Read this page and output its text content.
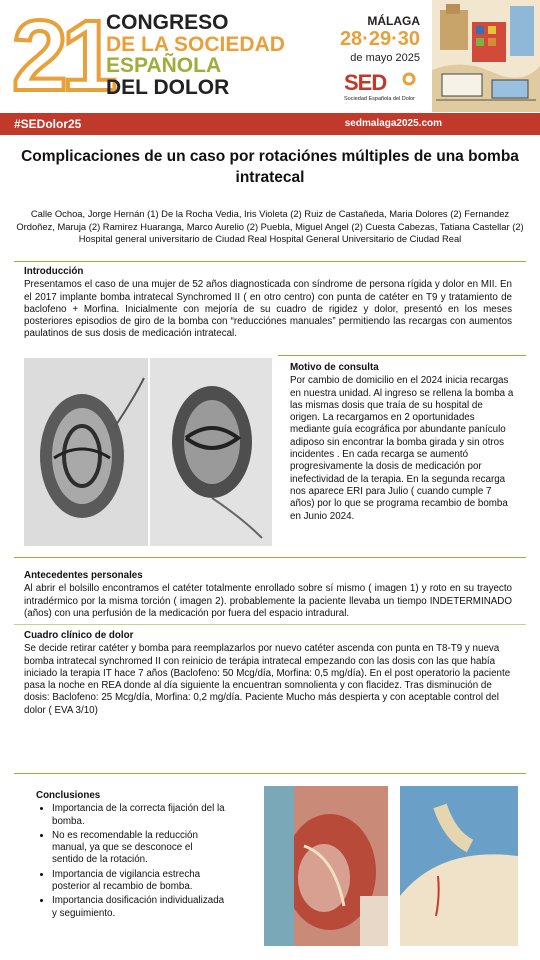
21
CONGRESO
DE LA SOCIEDAD
ESPAÑOLA
DEL DOLOR
MÁLAGA
28·29·30
de mayo 2025
SED
Sociedad Española del Dolor
#SEDolor25	sedmalaga2025.com
Complicaciones de un caso por rotaciónes múltiples de una bomba intratecal
Calle Ochoa, Jorge Hernán (1) De la Rocha Vedia, Iris Violeta (2) Ruiz de Castañeda, Maria Dolores (2) Fernandez Ordoñez, Maruja (2) Ramirez Huaranga, Marco Aurelio (2) Puebla, Miguel Angel (2) Cuesta Cabezas, Tatiana Castellar (2) Hospital general universitario de Ciudad Real Hospital General Universitario de Ciudad Real
Introducción

Presentamos el caso de una mujer de 52 años diagnosticada con síndrome de persona rígida y dolor en MII. En el 2017 implante bomba intratecal Synchromed II ( en otro centro) con punta de catéter en T9 y tratamiento de baclofeno + Morfina. Inicialmente con mejoría de su cuadro de rigidez y dolor, presentó en los meses posteriores episodios de giro de la bomba con “reducciónes manuales” permitiendo las recargas con aumentos paulatinos de sus dosis de medicación intratecal.

Motivo de consulta

Por cambio de domicilio en el 2024 inicia recargas en nuestra unidad. Al ingreso se rellena la bomba a las mismas dosis que traía de su hospital de origen. La recargamos en 2 oportunidades mediante guía ecográfica por abundante panículo adiposo sin encontrar la bomba girada y sin otros incidentes . En cada recarga se aumentó progresivamente la dosis de medicación por inefectividad de la terapia. En la segunda recarga nos aparece ERI para Julio ( cuando cumple 7 años) por lo que se programa recambio de bomba en Junio 2024.

Antecedentes personales

Al abrir el bolsillo encontramos el catéter totalmente enrollado sobre sí mismo ( imagen 1) y roto en su trayecto intradérmico por la misma torción ( imagen 2). probablemente la paciente llevaba un tiempo INDETERMINADO (años) con una perfusión de la medicación por fuera del espacio intradural.

Cuadro clínico de dolor

Se decide retirar catéter y bomba para reemplazarlos por nuevo catéter ascenda con punta en T8-T9 y nueva bomba intratecal synchromed II con reinicio de terápia intratecal empezando con las dosis con las que había iniciado la terapia IT hace 7 años (Baclofeno: 50 Mcg/día, Morfina: 0,5 mg/día). En el post operatorio la paciente pasa la noche en REA donde al día siguiente la encuentran somnolienta y con flacidez. Tras disminución de dosis: Baclofeno: 25 Mcg/día, Morfina: 0,2 mg/día. Paciente Mucho más despierta y con aceptable control del dolor ( EVA 3/10)

Conclusiones
• Importancia de la correcta fijación del la bomba.
• No es recomendable la reducción manual, ya que se desconoce el sentido de la rotación.
• Importancia de vigilancia estrecha posterior al recambio de bomba.
• Importancia dosificación individualizada y seguimiento.
